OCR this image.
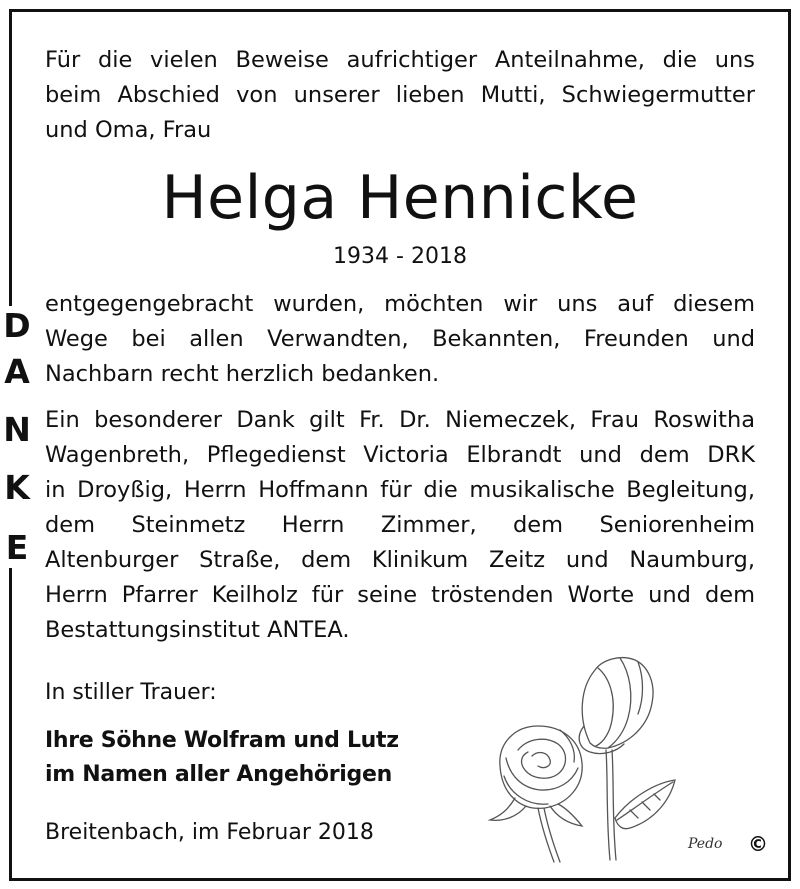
Für die vielen Beweise aufrichtiger Anteilnahme, die uns
beim Abschied von unserer lieben Mutti, Schwiegermutter
und Oma, Frau
Helga Hennicke
1934 - 2018
D
A
N
K
E
entgegengebracht wurden, möchten wir uns auf diesem
Wege bei allen Verwandten, Bekannten, Freunden und
Nachbarn recht herzlich bedanken.
Ein besonderer Dank gilt Fr. Dr. Niemeczek, Frau Roswitha
Wagenbreth, Pflegedienst Victoria Elbrandt und dem DRK
in Droyßig, Herrn Hoffmann für die musikalische Begleitung,
dem Steinmetz Herrn Zimmer, dem Seniorenheim
Altenburger Straße, dem Klinikum Zeitz und Naumburg,
Herrn Pfarrer Keilholz für seine tröstenden Worte und dem
Bestattungsinstitut ANTEA.
In stiller Trauer:
Ihre Söhne Wolfram und Lutz
im Namen aller Angehörigen
Breitenbach, im Februar 2018	Pedo ©
